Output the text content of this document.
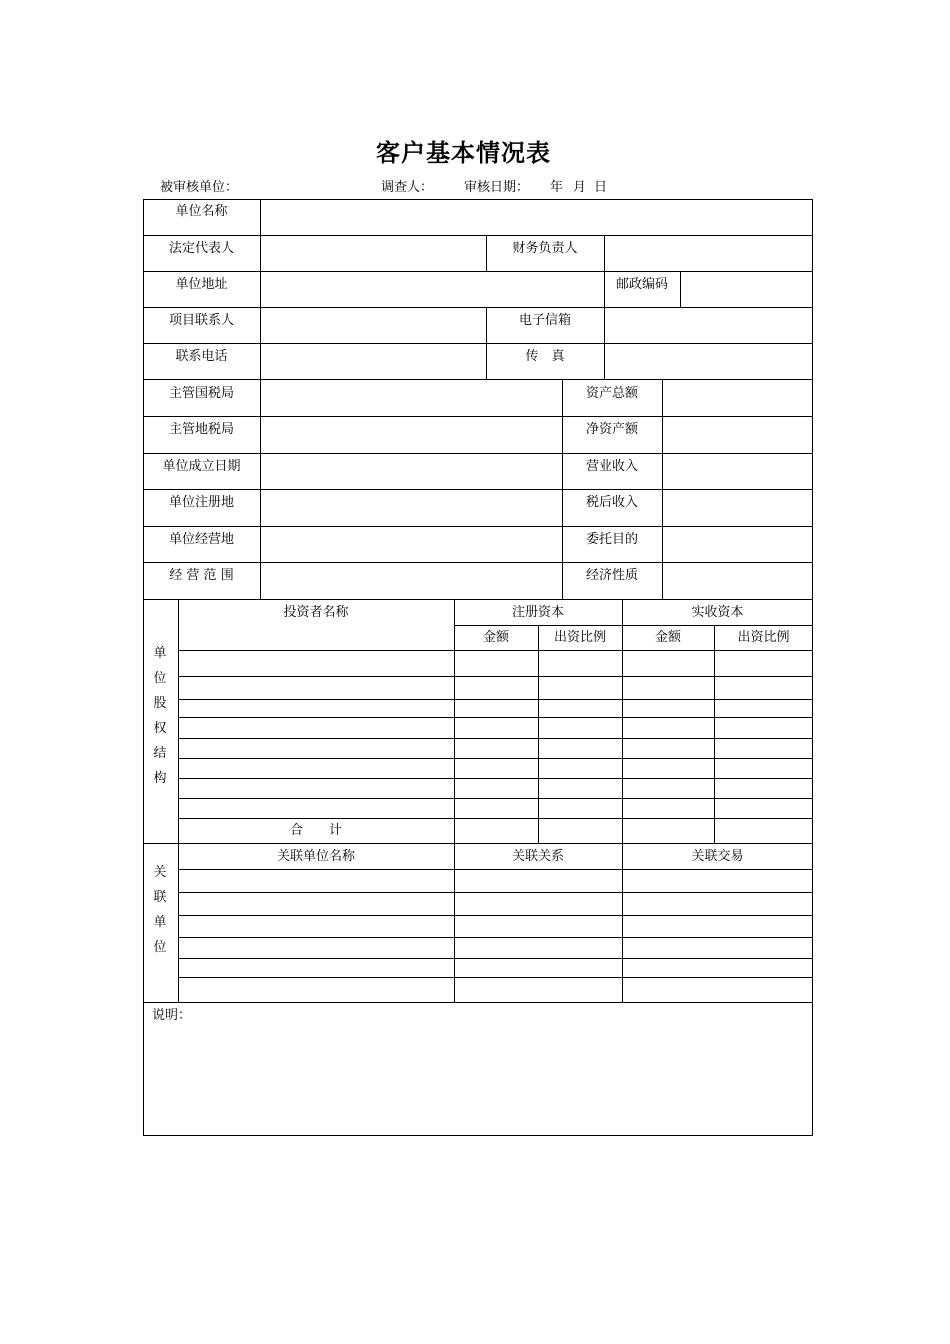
客户基本情况表
被审核单位：	调查人： 审核日期： 年 月 日
单位名称
法定代表人	财务负责人
单位地址	邮政编码
项目联系人	电子信箱
联系电话	传　真
主管国税局	资产总额
主管地税局	净资产额
单位成立日期	营业收入
单位注册地	税后收入
单位经营地	委托目的
经 营 范 围	经济性质
单
位
股
权
结
构
投资者名称	注册资本	实收资本
金额	出资比例	金额	出资比例
合　　计
关
联
单
位
关联单位名称	关联关系	关联交易
说明：
